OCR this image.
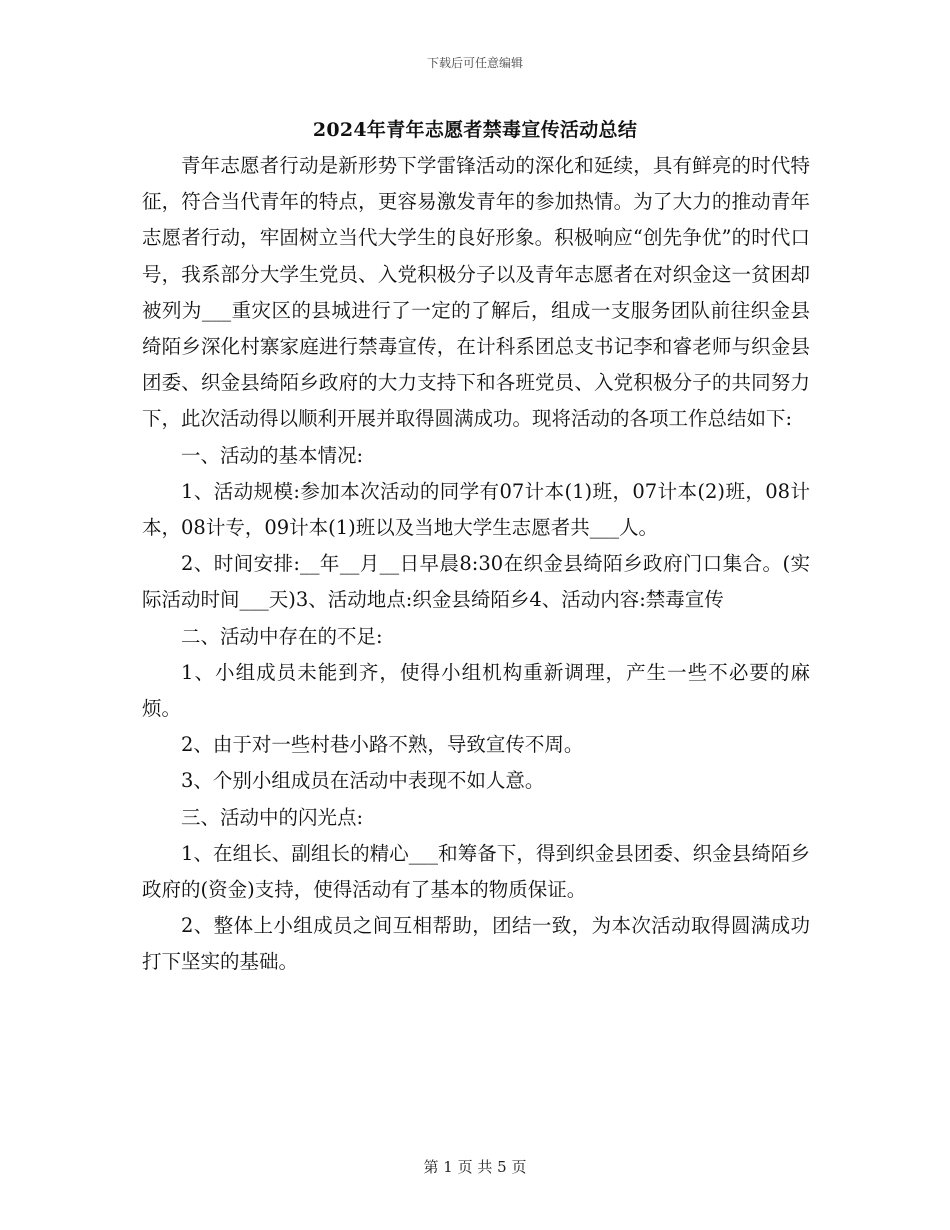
下载后可任意编辑
2024年青年志愿者禁毒宣传活动总结

青年志愿者行动是新形势下学雷锋活动的深化和延续，具有鲜亮的时代特征，符合当代青年的特点，更容易激发青年的参加热情。为了大力的推动青年志愿者行动，牢固树立当代大学生的良好形象。积极响应“创先争优”的时代口号，我系部分大学生党员、入党积极分子以及青年志愿者在对织金这一贫困却被列为___重灾区的县城进行了一定的了解后，组成一支服务团队前往织金县绮陌乡深化村寨家庭进行禁毒宣传，在计科系团总支书记李和睿老师与织金县团委、织金县绮陌乡政府的大力支持下和各班党员、入党积极分子的共同努力下，此次活动得以顺利开展并取得圆满成功。现将活动的各项工作总结如下:

一、活动的基本情况:

1、活动规模:参加本次活动的同学有07计本(1)班，07计本(2)班，08计本，08计专，09计本(1)班以及当地大学生志愿者共___人。

2、时间安排:__年__月__日早晨8:30在织金县绮陌乡政府门口集合。(实际活动时间___天)3、活动地点:织金县绮陌乡4、活动内容:禁毒宣传

二、活动中存在的不足:

1、小组成员未能到齐，使得小组机构重新调理，产生一些不必要的麻烦。

2、由于对一些村巷小路不熟，导致宣传不周。

3、个别小组成员在活动中表现不如人意。

三、活动中的闪光点:

1、在组长、副组长的精心___和筹备下，得到织金县团委、织金县绮陌乡政府的(资金)支持，使得活动有了基本的物质保证。

2、整体上小组成员之间互相帮助，团结一致，为本次活动取得圆满成功打下坚实的基础。

第 1 页 共 5 页
